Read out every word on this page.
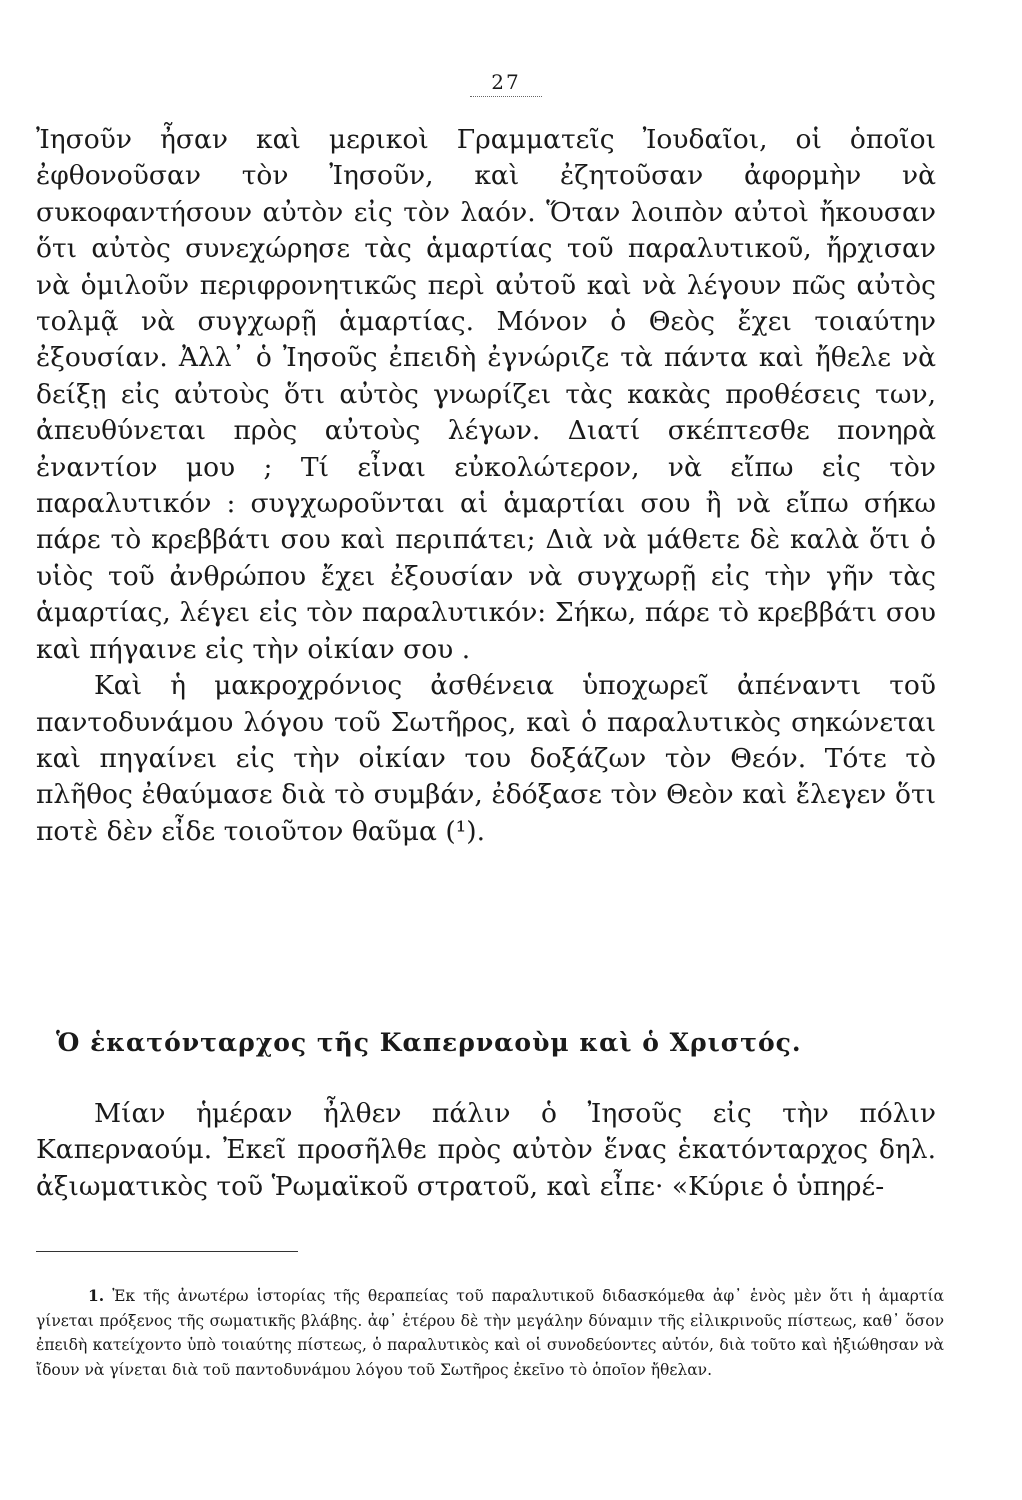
27

Ἰησοῦν ἦσαν καὶ μερικοὶ Γραμματεῖς Ἰουδαῖοι, οἱ ὁποῖοι ἐφθονοῦσαν τὸν Ἰησοῦν, καὶ ἐζητοῦσαν ἀφορμὴν νὰ συκοφαντήσουν αὐτὸν εἰς τὸν λαόν. Ὅταν λοιπὸν αὐτοὶ ἤκουσαν ὅτι αὐτὸς συνεχώρησε τὰς ἁμαρτίας τοῦ παραλυτικοῦ, ἤρχισαν νὰ ὁμιλοῦν περιφρονητικῶς περὶ αὐτοῦ καὶ νὰ λέγουν πῶς αὐτὸς τολμᾷ νὰ συγχωρῇ ἁμαρτίας. Μόνον ὁ Θεὸς ἔχει τοιαύτην ἐξουσίαν. Ἀλλ᾽ ὁ Ἰησοῦς ἐπειδὴ ἐγνώριζε τὰ πάντα καὶ ἤθελε νὰ δείξῃ εἰς αὐτοὺς ὅτι αὐτὸς γνωρίζει τὰς κακὰς προθέσεις των, ἀπευθύνεται πρὸς αὐτοὺς λέγων. Διατί σκέπτεσθε πονηρὰ ἐναντίον μου ; Τί εἶναι εὐκολώτερον, νὰ εἴπω εἰς τὸν παραλυτικόν : συγχωροῦνται αἱ ἁμαρτίαι σου ἢ νὰ εἴπω σήκω πάρε τὸ κρεββάτι σου καὶ περιπάτει; Διὰ νὰ μάθετε δὲ καλὰ ὅτι ὁ υἱὸς τοῦ ἀνθρώπου ἔχει ἐξουσίαν νὰ συγχωρῇ εἰς τὴν γῆν τὰς ἁμαρτίας, λέγει εἰς τὸν παραλυτικόν: Σήκω, πάρε τὸ κρεββάτι σου καὶ πήγαινε εἰς τὴν οἰκίαν σου .

Καὶ ἡ μακροχρόνιος ἀσθένεια ὑποχωρεῖ ἀπέναντι τοῦ παντοδυνάμου λόγου τοῦ Σωτῆρος, καὶ ὁ παραλυτικὸς σηκώνεται καὶ πηγαίνει εἰς τὴν οἰκίαν του δοξάζων τὸν Θεόν. Τότε τὸ πλῆθος ἐθαύμασε διὰ τὸ συμβάν, ἐδόξασε τὸν Θεὸν καὶ ἔλεγεν ὅτι ποτὲ δὲν εἶδε τοιοῦτον θαῦμα (¹).

Ὁ ἑκατόνταρχος τῆς Καπερναοὺμ καὶ ὁ Χριστός.

Μίαν ἡμέραν ἦλθεν πάλιν ὁ Ἰησοῦς εἰς τὴν πόλιν Καπερναούμ. Ἐκεῖ προσῆλθε πρὸς αὐτὸν ἕνας ἑκατόνταρχος δηλ. ἀξιωματικὸς τοῦ Ῥωμαϊκοῦ στρατοῦ, καὶ εἶπε· «Κύριε ὁ ὑπηρέ-

1. Ἐκ τῆς ἀνωτέρω ἱστορίας τῆς θεραπείας τοῦ παραλυτικοῦ διδασκόμεθα ἀφ᾽ ἑνὸς μὲν ὅτι ἡ ἁμαρτία γίνεται πρόξενος τῆς σωματικῆς βλάβης. ἀφ᾽ ἑτέρου δὲ τὴν μεγάλην δύναμιν τῆς εἰλικρινοῦς πίστεως, καθ᾽ ὅσον ἐπειδὴ κατείχοντο ὑπὸ τοιαύτης πίστεως, ὁ παραλυτικὸς καὶ οἱ συνοδεύοντες αὐτόν, διὰ τοῦτο καὶ ἠξιώθησαν νὰ ἴδουν νὰ γίνεται διὰ τοῦ παντοδυνάμου λόγου τοῦ Σωτῆρος ἐκεῖνο τὸ ὁποῖον ἤθελαν.
